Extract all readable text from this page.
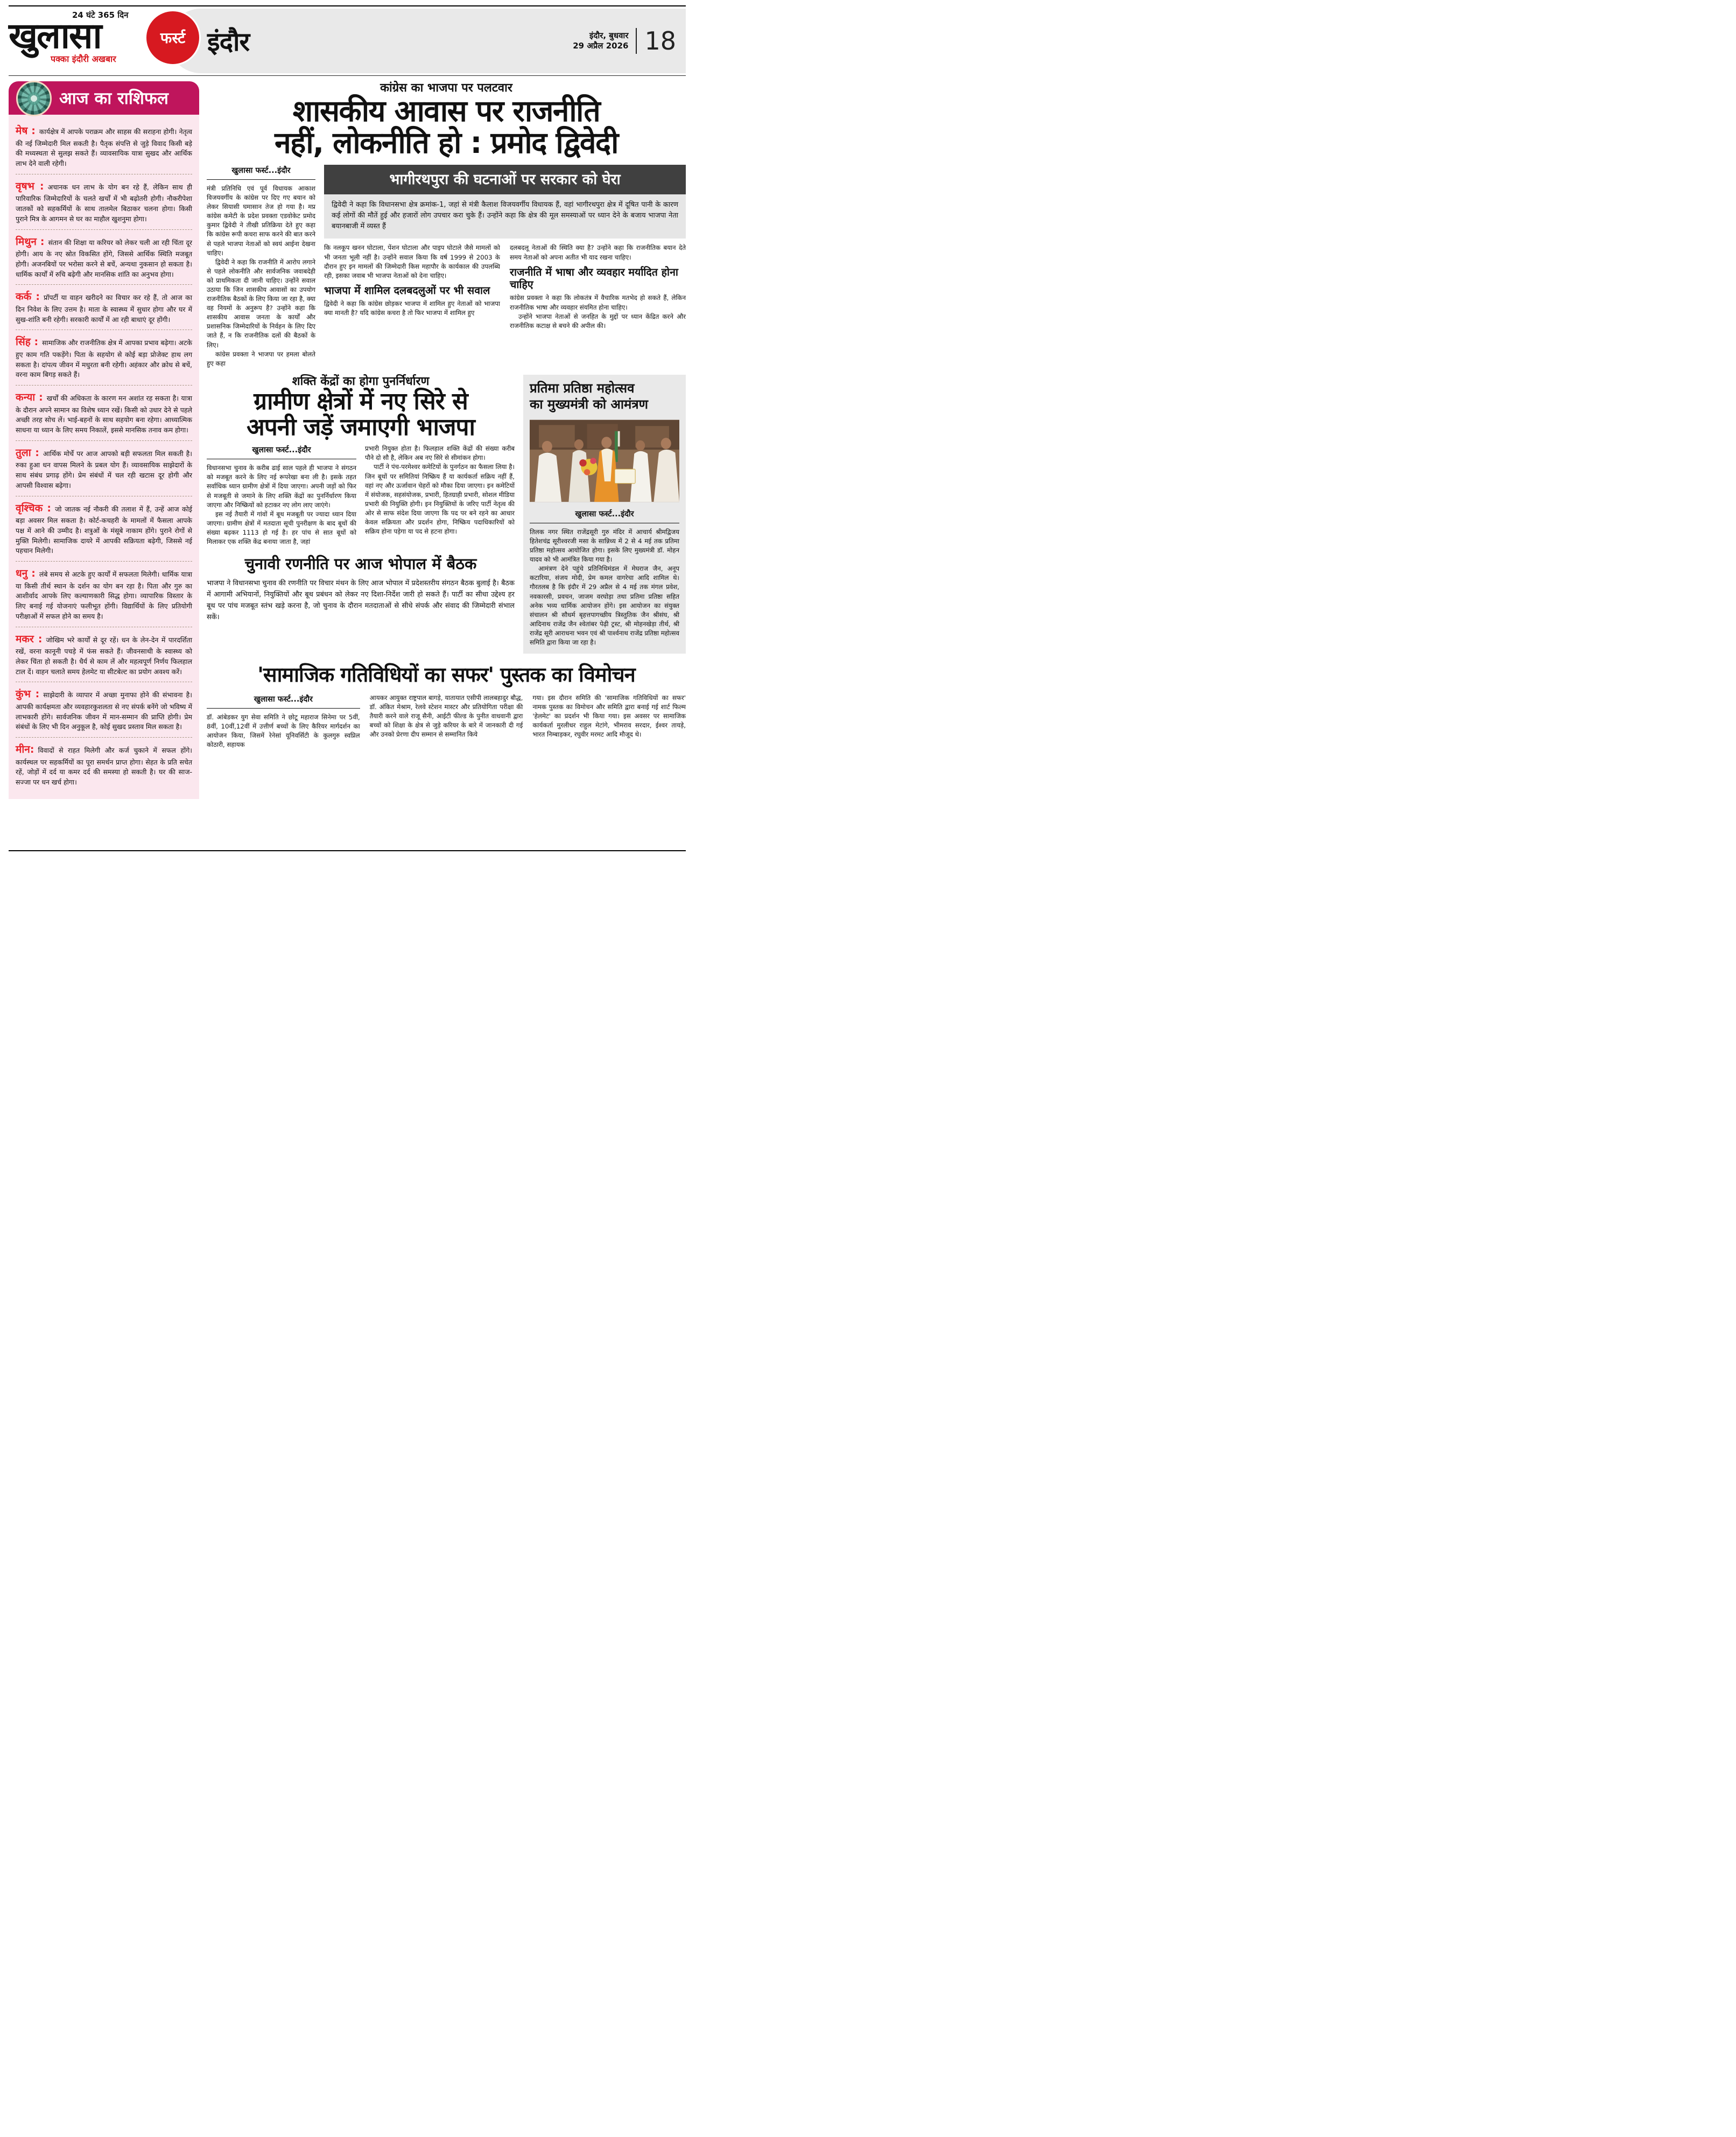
24 घंटे 365 दिन
खुलासा
पक्का इंदौरी अखबार
फर्स्ट इंदौर	इंदौर, बुधवार
29 अप्रैल 2026 18
आज का राशिफल

मेष : कार्यक्षेत्र में आपके पराक्रम और साहस की सराहना होगी। नेतृत्व की नई जिम्मेदारी मिल सकती है। पैतृक संपत्ति से जुड़े विवाद किसी बड़े की मध्यस्थता से सुलझ सकते हैं। व्यावसायिक यात्रा सुखद और आर्थिक लाभ देने वाली रहेगी।

वृषभ : अचानक धन लाभ के योग बन रहे हैं, लेकिन साथ ही पारिवारिक जिम्मेदारियों के चलते खर्चों में भी बढ़ोतरी होगी। नौकरीपेशा जातकों को सहकर्मियों के साथ तालमेल बिठाकर चलना होगा। किसी पुराने मित्र के आगमन से घर का माहौल खुशनुमा होगा।

मिथुन : संतान की शिक्षा या करियर को लेकर चली आ रही चिंता दूर होगी। आय के नए स्रोत विकसित होंगे, जिससे आर्थिक स्थिति मजबूत होगी। अजनबियों पर भरोसा करने से बचें, अन्यथा नुकसान हो सकता है। धार्मिक कार्यों में रुचि बढ़ेगी और मानसिक शांति का अनुभव होगा।

कर्क : प्रॉपर्टी या वाहन खरीदने का विचार कर रहे हैं, तो आज का दिन निवेश के लिए उत्तम है। माता के स्वास्थ्य में सुधार होगा और घर में सुख-शांति बनी रहेगी। सरकारी कार्यों में आ रही बाधाएं दूर होंगी।

सिंह : सामाजिक और राजनीतिक क्षेत्र में आपका प्रभाव बढ़ेगा। अटके हुए काम गति पकड़ेंगे। पिता के सहयोग से कोई बड़ा प्रोजेक्ट हाथ लग सकता है। दांपत्य जीवन में मधुरता बनी रहेगी। अहंकार और क्रोध से बचें, वरना काम बिगड़ सकते हैं।

कन्या : खर्चों की अधिकता के कारण मन अशांत रह सकता है। यात्रा के दौरान अपने सामान का विशेष ध्यान रखें। किसी को उधार देने से पहले अच्छी तरह सोच लें। भाई-बहनों के साथ सहयोग बना रहेगा। आध्यात्मिक साधना या ध्यान के लिए समय निकालें, इससे मानसिक तनाव कम होगा।

तुला : आर्थिक मोर्चे पर आज आपको बड़ी सफलता मिल सकती है। रुका हुआ धन वापस मिलने के प्रबल योग हैं। व्यावसायिक साझेदारों के साथ संबंध प्रगाढ़ होंगे। प्रेम संबंधों में चल रही खटास दूर होगी और आपसी विश्वास बढ़ेगा।

वृश्चिक : जो जातक नई नौकरी की तलाश में हैं, उन्हें आज कोई बड़ा अवसर मिल सकता है। कोर्ट-कचहरी के मामलों में फैसला आपके पक्ष में आने की उम्मीद है। शत्रुओं के मंसूबे नाकाम होंगे। पुराने रोगों से मुक्ति मिलेगी। सामाजिक दायरे में आपकी सक्रियता बढ़ेगी, जिससे नई पहचान मिलेगी।

धनु : लंबे समय से अटके हुए कार्यों में सफलता मिलेगी। धार्मिक यात्रा या किसी तीर्थ स्थान के दर्शन का योग बन रहा है। पिता और गुरु का आशीर्वाद आपके लिए कल्याणकारी सिद्ध होगा। व्यापारिक विस्तार के लिए बनाई गई योजनाएं फलीभूत होंगी। विद्यार्थियों के लिए प्रतियोगी परीक्षाओं में सफल होने का समय है।

मकर : जोखिम भरे कार्यों से दूर रहें। धन के लेन-देन में पारदर्शिता रखें, वरना कानूनी पचड़े में फंस सकते हैं। जीवनसाथी के स्वास्थ्य को लेकर चिंता हो सकती है। धैर्य से काम लें और महत्वपूर्ण निर्णय फिलहाल टाल दें। वाहन चलाते समय हेलमेट या सीटबेल्ट का प्रयोग अवश्य करें।

कुंभ : साझेदारी के व्यापार में अच्छा मुनाफा होने की संभावना है। आपकी कार्यक्षमता और व्यवहारकुशलता से नए संपर्क बनेंगे जो भविष्य में लाभकारी होंगे। सार्वजनिक जीवन में मान-सम्मान की प्राप्ति होगी। प्रेम संबंधों के लिए भी दिन अनुकूल है, कोई सुखद प्रस्ताव मिल सकता है।

मीन: विवादों से राहत मिलेगी और कर्ज चुकाने में सफल होंगे। कार्यस्थल पर सहकर्मियों का पूरा समर्थन प्राप्त होगा। सेहत के प्रति सचेत रहें, जोड़ों में दर्द या कमर दर्द की समस्या हो सकती है। घर की साज-सज्जा पर धन खर्च होगा।

कांग्रेस का भाजपा पर पलटवार
शासकीय आवास पर राजनीति
नहीं, लोकनीति हो : प्रमोद द्विवेदी
खुलासा फर्स्ट...इंदौर

मंत्री प्रतिनिधि एवं पूर्व विधायक आकाश विजयवर्गीय के कांग्रेस पर दिए गए बयान को लेकर सियासी घमासान तेज हो गया है। मप्र कांग्रेस कमेटी के प्रदेश प्रवक्ता एडवोकेट प्रमोद कुमार द्विवेदी ने तीखी प्रतिक्रिया देते हुए कहा कि कांग्रेस रूपी कचरा साफ करने की बात करने से पहले भाजपा नेताओं को स्वयं आईना देखना चाहिए।

द्विवेदी ने कहा कि राजनीति में आरोप लगाने से पहले लोकनीति और सार्वजनिक जवाबदेही को प्राथमिकता दी जानी चाहिए। उन्होंने सवाल उठाया कि जिन शासकीय आवासों का उपयोग राजनीतिक बैठकों के लिए किया जा रहा है, क्या वह नियमों के अनुरूप है? उन्होंने कहा कि शासकीय आवास जनता के कार्यों और प्रशासनिक जिम्मेदारियों के निर्वहन के लिए दिए जाते हैं, न कि राजनीतिक दलों की बैठकों के लिए।

कांग्रेस प्रवक्ता ने भाजपा पर हमला बोलते हुए कहा

भागीरथपुरा की घटनाओं पर सरकार को घेरा
द्विवेदी ने कहा कि विधानसभा क्षेत्र क्रमांक-1, जहां से मंत्री कैलाश विजयवर्गीय विधायक हैं, वहां भागीरथपुरा क्षेत्र में दूषित पानी के कारण कई लोगों की मौतें हुई और हजारों लोग उपचार करा चुके हैं। उन्होंने कहा कि क्षेत्र की मूल समस्याओं पर ध्यान देने के बजाय भाजपा नेता बयानबाजी में व्यस्त हैं

कि नलकूप खनन घोटाला, पेंशन घोटाला और पाइप घोटाले जैसे मामलों को भी जनता भूली नहीं है। उन्होंने सवाल किया कि वर्ष 1999 से 2003 के दौरान हुए इन मामलों की जिम्मेदारी किस महापौर के कार्यकाल की उपलब्धि रही, इसका जवाब भी भाजपा नेताओं को देना चाहिए।

भाजपा में शामिल दलबदलुओं पर भी सवाल

द्विवेदी ने कहा कि कांग्रेस छोड़कर भाजपा में शामिल हुए नेताओं को भाजपा क्या मानती है? यदि कांग्रेस कचरा है तो फिर भाजपा में शामिल हुए

दलबदलू नेताओं की स्थिति क्या है? उन्होंने कहा कि राजनीतिक बयान देते समय नेताओं को अपना अतीत भी याद रखना चाहिए।

राजनीति में भाषा और व्यवहार मर्यादित होना चाहिए

कांग्रेस प्रवक्ता ने कहा कि लोकतंत्र में वैचारिक मतभेद हो सकते हैं, लेकिन राजनीतिक भाषा और व्यवहार संयमित होना चाहिए।

उन्होंने भाजपा नेताओं से जनहित के मुद्दों पर ध्यान केंद्रित करने और राजनीतिक कटाक्ष से बचने की अपील की।

शक्ति केंद्रों का होगा पुनर्निर्धारण
ग्रामीण क्षेत्रों में नए सिरे से
अपनी जड़ें जमाएगी भाजपा
खुलासा फर्स्ट...इंदौर

विधानसभा चुनाव के करीब ढाई साल पहले ही भाजपा ने संगठन को मजबूत करने के लिए नई रूपरेखा बना ली है। इसके तहत सर्वाधिक ध्यान ग्रामीण क्षेत्रों में दिया जाएगा। अपनी जड़ों को फिर से मजबूती से जमाने के लिए शक्ति केंद्रों का पुनर्निर्धारण किया जाएगा और निष्क्रियों को हटाकर नए लोग लाए जाएंगे।

इस नई तैयारी में गांवों में बूथ मजबूती पर ज्यादा ध्यान दिया जाएगा। ग्रामीण क्षेत्रों में मतदाता सूची पुनरीक्षण के बाद बूथों की संख्या बढ़कर 1113 हो गई है। हर पांच से सात बूथों को मिलाकर एक शक्ति केंद्र बनाया जाता है, जहां

प्रभारी नियुक्त होता है। फिलहाल शक्ति केंद्रों की संख्या करीब पौने दो सौ है, लेकिन अब नए सिरे से सीमांकन होगा।

पार्टी ने पंच-परमेश्वर कमेटियों के पुनर्गठन का फैसला लिया है। जिन बूथों पर समितियां निष्क्रिय हैं या कार्यकर्ता सक्रिय नहीं हैं, वहां नए और ऊर्जावान चेहरों को मौका दिया जाएगा। इन कमेटियों में संयोजक, सहसंयोजक, प्रभारी, हितग्राही प्रभारी, सोशल मीडिया प्रभारी की नियुक्ति होगी। इन नियुक्तियों के जरिए पार्टी नेतृत्व की ओर से साफ संदेश दिया जाएगा कि पद पर बने रहने का आधार केवल सक्रियता और प्रदर्शन होगा, निष्क्रिय पदाधिकारियों को सक्रिय होना पड़ेगा या पद से हटना होगा।

चुनावी रणनीति पर आज भोपाल में बैठक
भाजपा ने विधानसभा चुनाव की रणनीति पर विचार मंथन के लिए आज भोपाल में प्रदेशस्तरीय संगठन बैठक बुलाई है। बैठक में आगामी अभियानों, नियुक्तियों और बूथ प्रबंधन को लेकर नए दिशा-निर्देश जारी हो सकते हैं। पार्टी का सीधा उद्देश्य हर बूथ पर पांच मजबूत स्तंभ खड़े करना है, जो चुनाव के दौरान मतदाताओं से सीधे संपर्क और संवाद की जिम्मेदारी संभाल सकें।
प्रतिमा प्रतिष्ठा महोत्सव
का मुख्यमंत्री को आमंत्रण
खुलासा फर्स्ट...इंदौर

तिलक नगर स्थित राजेंद्रसूरी गुरु मंदिर में आचार्य श्रीमद्विजय हितेशचंद्र सूरीश्वरजी मसा के सान्निध्य में 2 से 4 मई तक प्रतिमा प्रतिष्ठा महोत्सव आयोजित होगा। इसके लिए मुख्यमंत्री डॉ. मोहन यादव को भी आमंत्रित किया गया है।

आमंत्रण देने पहुंचे प्रतिनिधिमंडल में मेघराज जैन, अनूप कटारिया, संजय मोदी, प्रेम कमल वागरेचा आदि शामिल थे। गौरतलब है कि इंदौर में 29 अप्रैल से 4 मई तक मंगल प्रवेश, नवकारसी, प्रवचन, जाजम वरघोड़ा तथा प्रतिमा प्रतिष्ठा सहित अनेक भव्य धार्मिक आयोजन होंगे। इस आयोजन का संयुक्त संचालन श्री सौधर्म बृहत्तपागच्छीय त्रिस्तुतिक जैन श्रीसंघ, श्री आदिनाथ राजेंद्र जैन श्वेतांबर पेढ़ी ट्रस्ट, श्री मोहनखेड़ा तीर्थ, श्री राजेंद्र सूरी आराधना भवन एवं श्री पार्श्वनाथ राजेंद्र प्रतिष्ठा महोत्सव समिति द्वारा किया जा रहा है।

'सामाजिक गतिविधियों का सफर' पुस्तक का विमोचन
खुलासा फर्स्ट...इंदौर

डॉ. आंबेडकर युग सेवा समिति ने छोटू महाराज सिनेमा पर 5वीं, 8वीं, 10वीं,12वीं में उत्तीर्ण बच्चों के लिए कैरियर मार्गदर्शन का आयोजन किया, जिसमें रेनेसां यूनिवर्सिटी के कुलगुरु स्वप्निल कोठारी, सहायक

आयकर आयुक्त राष्ट्रपाल बागड़े, यातायात एसीपी लालबहादुर बौद्ध, डॉ. अंकित मेश्राम, रेलवे स्टेशन मास्टर और प्रतियोगिता परीक्षा की तैयारी करने वाले राजू सैनी, आईटी फील्ड के पुनीत वाधवानी द्वारा बच्चों को शिक्षा के क्षेत्र से जुड़े करियर के बारे में जानकारी दी गई और उनको प्रेरणा दीप सम्मान से सम्मानित किये

गया। इस दौरान समिति की 'सामाजिक गतिविधियों का सफर' नामक पुस्तक का विमोचन और समिति द्वारा बनाई गई शार्ट फिल्म 'हेलमेट' का प्रदर्शन भी किया गया। इस अवसर पर सामाजिक कार्यकर्ता मुरलीधर राहुल मेटांगे, भीमराव सरदार, ईश्वर तायड़े, भारत निम्बाड़कर, रघुवीर मरमट आदि मौजूद थे।
